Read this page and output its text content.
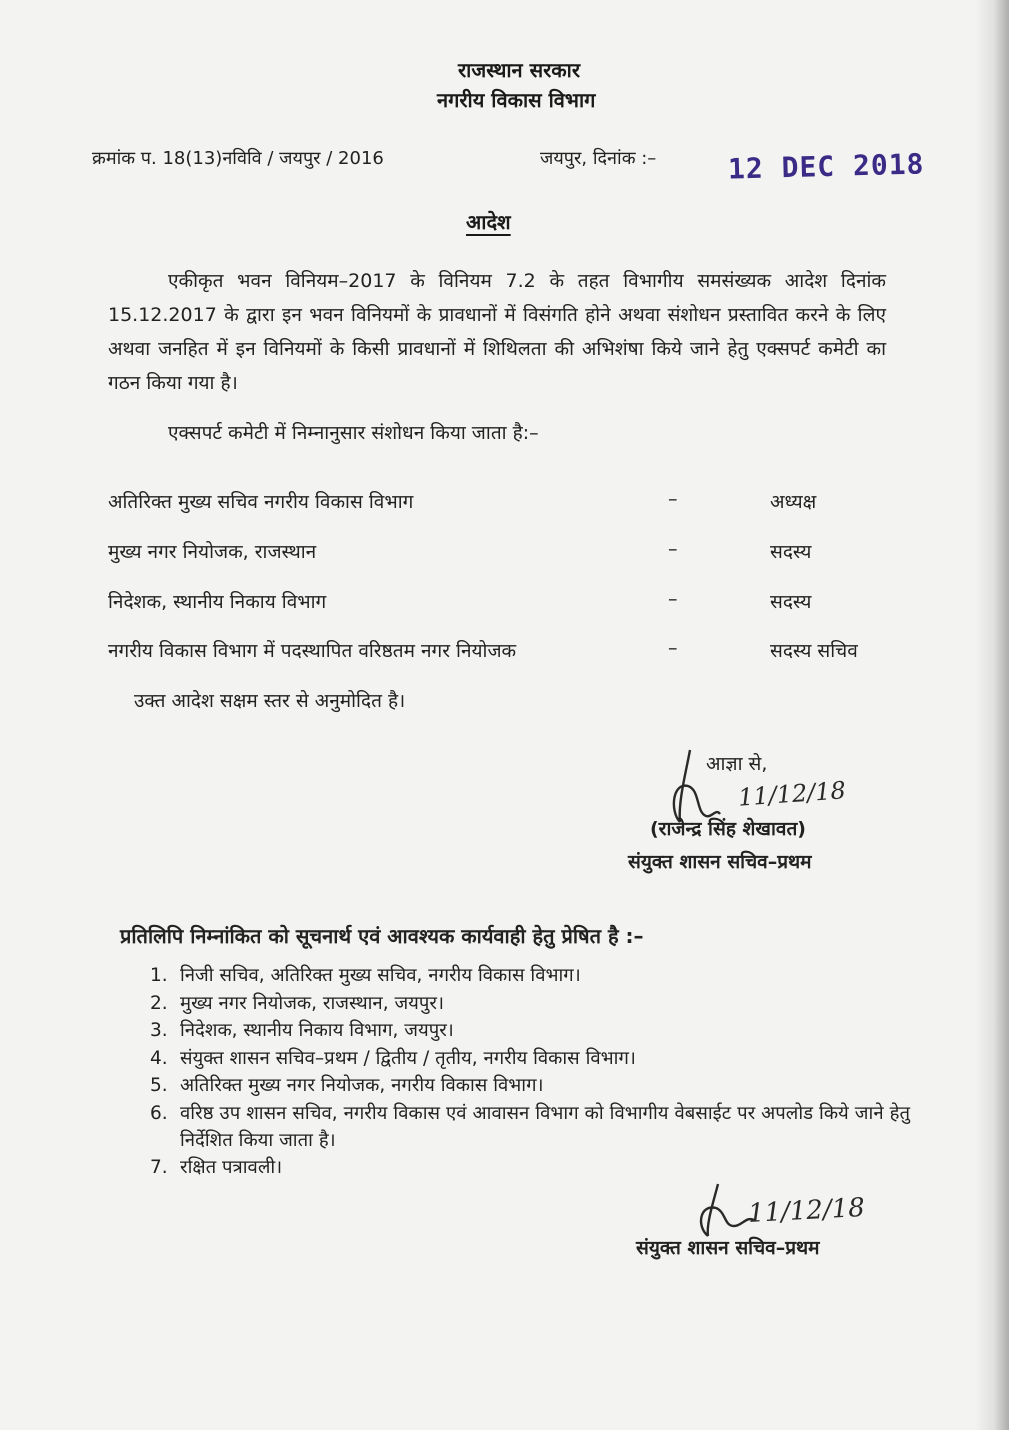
राजस्थान सरकार
नगरीय विकास विभाग
क्रमांक प. 18(13)नविवि / जयपुर / 2016	जयपुर, दिनांक :–	12 DEC 2018
आदेश
एकीकृत भवन विनियम–2017 के विनियम 7.2 के तहत विभागीय समसंख्यक आदेश दिनांक 15.12.2017 के द्वारा इन भवन विनियमों के प्रावधानों में विसंगति होने अथवा संशोधन प्रस्तावित करने के लिए अथवा जनहित में इन विनियमों के किसी प्रावधानों में शिथिलता की अभिशंषा किये जाने हेतु एक्सपर्ट कमेटी का गठन किया गया है।
एक्सपर्ट कमेटी में निम्नानुसार संशोधन किया जाता है:–
अतिरिक्त मुख्य सचिव नगरीय विकास विभाग	–	अध्यक्ष
मुख्य नगर नियोजक, राजस्थान	–	सदस्य
निदेशक, स्थानीय निकाय विभाग	–	सदस्य
नगरीय विकास विभाग में पदस्थापित वरिष्ठतम नगर नियोजक	–	सदस्य सचिव
उक्त आदेश सक्षम स्तर से अनुमोदित है।
आज्ञा से,
11/12/18
(राजेन्द्र सिंह शेखावत)
संयुक्त शासन सचिव–प्रथम
प्रतिलिपि निम्नांकित को सूचनार्थ एवं आवश्यक कार्यवाही हेतु प्रेषित है :–
1. निजी सचिव, अतिरिक्त मुख्य सचिव, नगरीय विकास विभाग।
2. मुख्य नगर नियोजक, राजस्थान, जयपुर।
3. निदेशक, स्थानीय निकाय विभाग, जयपुर।
4. संयुक्त शासन सचिव–प्रथम / द्वितीय / तृतीय, नगरीय विकास विभाग।
5. अतिरिक्त मुख्य नगर नियोजक, नगरीय विकास विभाग।
6. वरिष्ठ उप शासन सचिव, नगरीय विकास एवं आवासन विभाग को विभागीय वेबसाईट पर अपलोड किये जाने हेतु निर्देशित किया जाता है।
7. रक्षित पत्रावली।
11/12/18
संयुक्त शासन सचिव–प्रथम
